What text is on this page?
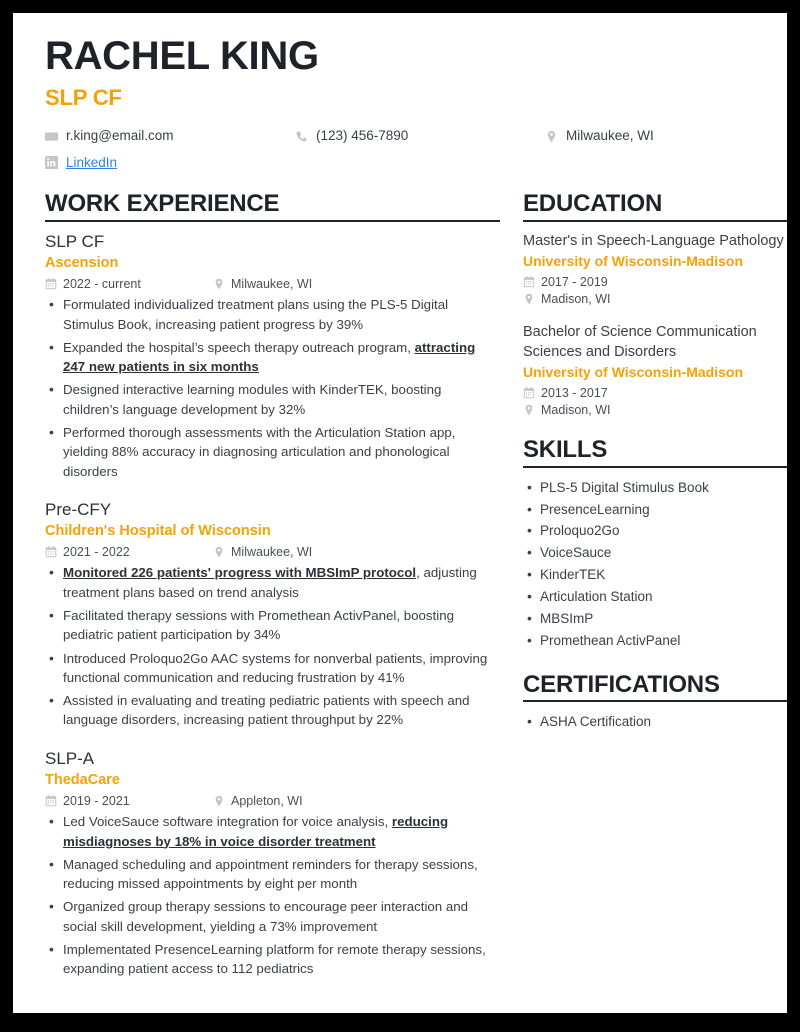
RACHEL KING
SLP CF
r.king@email.com	(123) 456-7890	Milwaukee, WI
LinkedIn
WORK EXPERIENCE
SLP CF
Ascension
2022 - current	Milwaukee, WI
• Formulated individualized treatment plans using the PLS-5 Digital Stimulus Book, increasing patient progress by 39%
• Expanded the hospital’s speech therapy outreach program, attracting 247 new patients in six months
• Designed interactive learning modules with KinderTEK, boosting children’s language development by 32%
• Performed thorough assessments with the Articulation Station app, yielding 88% accuracy in diagnosing articulation and phonological disorders
Pre-CFY
Children's Hospital of Wisconsin
2021 - 2022	Milwaukee, WI
• Monitored 226 patients' progress with MBSImP protocol, adjusting treatment plans based on trend analysis
• Facilitated therapy sessions with Promethean ActivPanel, boosting pediatric patient participation by 34%
• Introduced Proloquo2Go AAC systems for nonverbal patients, improving functional communication and reducing frustration by 41%
• Assisted in evaluating and treating pediatric patients with speech and language disorders, increasing patient throughput by 22%
SLP-A
ThedaCare
2019 - 2021	Appleton, WI
• Led VoiceSauce software integration for voice analysis, reducing misdiagnoses by 18% in voice disorder treatment
• Managed scheduling and appointment reminders for therapy sessions, reducing missed appointments by eight per month
• Organized group therapy sessions to encourage peer interaction and social skill development, yielding a 73% improvement
• Implementated PresenceLearning platform for remote therapy sessions, expanding patient access to 112 pediatrics
EDUCATION
Master's in Speech-Language Pathology
University of Wisconsin-Madison
2017 - 2019
Madison, WI
Bachelor of Science Communication Sciences and Disorders
University of Wisconsin-Madison
2013 - 2017
Madison, WI
SKILLS
• PLS-5 Digital Stimulus Book
• PresenceLearning
• Proloquo2Go
• VoiceSauce
• KinderTEK
• Articulation Station
• MBSImP
• Promethean ActivPanel
CERTIFICATIONS
• ASHA Certification
